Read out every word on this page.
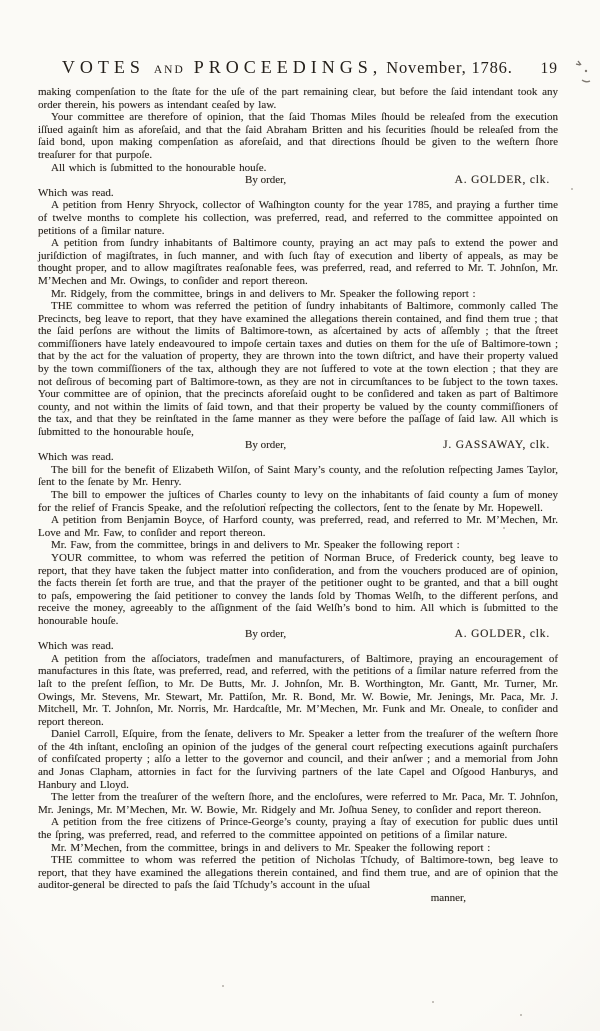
VOTES AND PROCEEDINGS, November, 1786.	19

making compenſation to the ſtate for the uſe of the part remaining clear, but before the ſaid intendant took any order therein, his powers as intendant ceaſed by law.

Your committee are therefore of opinion, that the ſaid Thomas Miles ſhould be releaſed from the execution iſſued againſt him as aforeſaid, and that the ſaid Abraham Britten and his ſecurities ſhould be releaſed from the ſaid bond, upon making compenſation as aforeſaid, and that directions ſhould be given to the weſtern ſhore treaſurer for that purpoſe.

All which is ſubmitted to the honourable houſe.

By order,	A. GOLDER, clk.

Which was read.

A petition from Henry Shryock, collector of Waſhington county for the year 1785, and praying a further time of twelve months to complete his collection, was preferred, read, and referred to the committee appointed on petitions of a ſimilar nature.

A petition from ſundry inhabitants of Baltimore county, praying an act may paſs to extend the power and juriſdiction of magiſtrates, in ſuch manner, and with ſuch ſtay of execution and liberty of appeals, as may be thought proper, and to allow magiſtrates reaſonable fees, was preferred, read, and referred to Mr. T. Johnſon, Mr. M’Mechen and Mr. Owings, to conſider and report thereon.

Mr. Ridgely, from the committee, brings in and delivers to Mr. Speaker the following report :

THE committee to whom was referred the petition of ſundry inhabitants of Baltimore, commonly called The Precincts, beg leave to report, that they have examined the allegations therein contained, and find them true ; that the ſaid perſons are without the limits of Baltimore-town, as aſcertained by acts of aſſembly ; that the ſtreet commiſſioners have lately endeavoured to impoſe certain taxes and duties on them for the uſe of Baltimore-town ; that by the act for the valuation of property, they are thrown into the town diſtrict, and have their property valued by the town commiſſioners of the tax, although they are not ſuffered to vote at the town election ; that they are not deſirous of becoming part of Baltimore-town, as they are not in circumſtances to be ſubject to the town taxes. Your committee are of opinion, that the precincts aforeſaid ought to be conſidered and taken as part of Baltimore county, and not within the limits of ſaid town, and that their property be valued by the county commiſſioners of the tax, and that they be reinſtated in the ſame manner as they were before the paſſage of ſaid law. All which is ſubmitted to the honourable houſe,

By order,	J. GASSAWAY, clk.

Which was read.

The bill for the benefit of Elizabeth Wilſon, of Saint Mary’s county, and the reſolution reſpecting James Taylor, ſent to the ſenate by Mr. Henry.

The bill to empower the juſtices of Charles county to levy on the inhabitants of ſaid county a ſum of money for the relief of Francis Speake, and the reſolution reſpecting the collectors, ſent to the ſenate by Mr. Hopewell.

A petition from Benjamin Boyce, of Harford county, was preferred, read, and referred to Mr. M’Mechen, Mr. Love and Mr. Faw, to conſider and report thereon.

Mr. Faw, from the committee, brings in and delivers to Mr. Speaker the following report :

YOUR committee, to whom was referred the petition of Norman Bruce, of Frederick county, beg leave to report, that they have taken the ſubject matter into conſideration, and from the vouchers produced are of opinion, the facts therein ſet forth are true, and that the prayer of the petitioner ought to be granted, and that a bill ought to paſs, empowering the ſaid petitioner to convey the lands ſold by Thomas Welſh, to the different perſons, and receive the money, agreeably to the aſſignment of the ſaid Welſh’s bond to him. All which is ſubmitted to the honourable houſe.

By order,	A. GOLDER, clk.

Which was read.

A petition from the aſſociators, tradeſmen and manufacturers, of Baltimore, praying an encouragement of manufactures in this ſtate, was preferred, read, and referred, with the petitions of a ſimilar nature referred from the laſt to the preſent ſeſſion, to Mr. De Butts, Mr. J. Johnſon, Mr. B. Worthington, Mr. Gantt, Mr. Turner, Mr. Owings, Mr. Stevens, Mr. Stewart, Mr. Pattiſon, Mr. R. Bond, Mr. W. Bowie, Mr. Jenings, Mr. Paca, Mr. J. Mitchell, Mr. T. Johnſon, Mr. Norris, Mr. Hardcaſtle, Mr. M’Mechen, Mr. Funk and Mr. Oneale, to conſider and report thereon.

Daniel Carroll, Eſquire, from the ſenate, delivers to Mr. Speaker a letter from the treaſurer of the weſtern ſhore of the 4th inſtant, encloſing an opinion of the judges of the general court reſpecting executions againſt purchaſers of confiſcated property ; alſo a letter to the governor and council, and their anſwer ; and a memorial from John and Jonas Clapham, attornies in fact for the ſurviving partners of the late Capel and Oſgood Hanburys, and Hanbury and Lloyd.

The letter from the treaſurer of the weſtern ſhore, and the encloſures, were referred to Mr. Paca, Mr. T. Johnſon, Mr. Jenings, Mr. M’Mechen, Mr. W. Bowie, Mr. Ridgely and Mr. Joſhua Seney, to conſider and report thereon.

A petition from the free citizens of Prince-George’s county, praying a ſtay of execution for public dues until the ſpring, was preferred, read, and referred to the committee appointed on petitions of a ſimilar nature.

Mr. M’Mechen, from the committee, brings in and delivers to Mr. Speaker the following report :

THE committee to whom was referred the petition of Nicholas Tſchudy, of Baltimore-town, beg leave to report, that they have examined the allegations therein contained, and find them true, and are of opinion that the auditor-general be directed to paſs the ſaid Tſchudy’s account in the uſual

manner,
